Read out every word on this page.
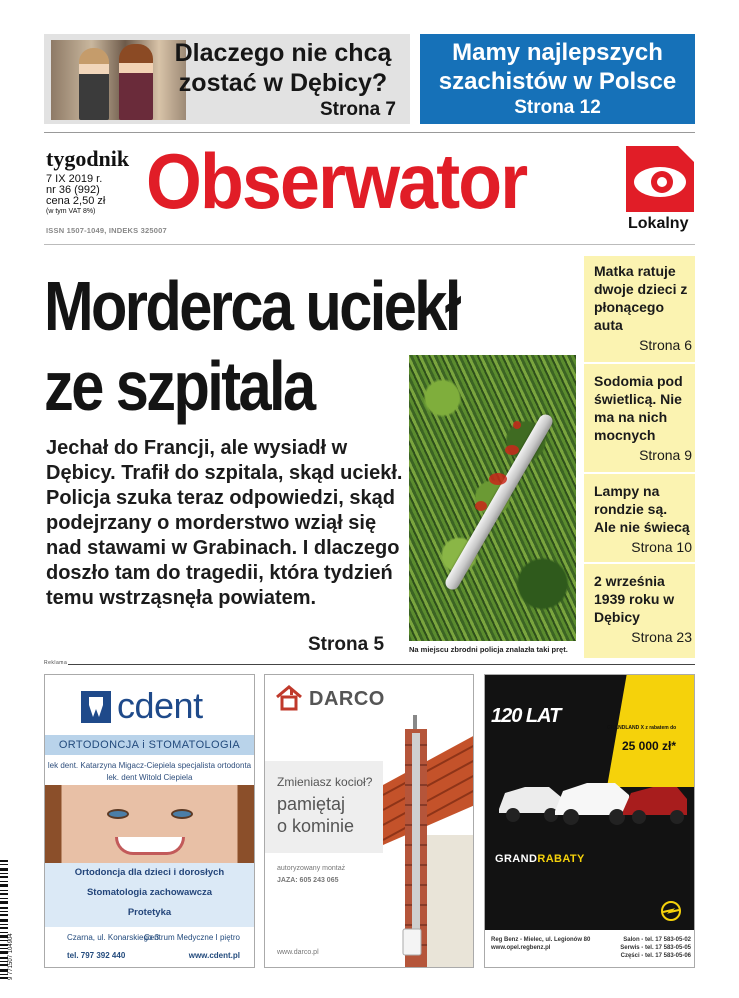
Dlaczego nie chcą zostać w Dębicy?
Strona 7
Mamy najlepszych szachistów w Polsce
Strona 12
tygodnik
7 IX 2019 r.
nr 36 (992)
cena 2,50 zł
(w tym VAT 8%)
ISSN 1507-1049, INDEKS 325007
Obserwator	Lokalny
Morderca uciekł
ze szpitala
Jechał do Francji, ale wysiadł w Dębicy. Trafił do szpitala, skąd uciekł. Policja szuka teraz odpowiedzi, skąd podejrzany o morderstwo wziął się nad stawami w Grabinach. I dlaczego doszło tam do tragedii, która tydzień temu wstrząsnęła powiatem.
Strona 5	Na miejscu zbrodni policja znalazła taki pręt.
Matka ratuje dwoje dzieci z płonącego auta
Strona 6
Sodomia pod świetlicą. Nie ma na nich mocnych
Strona 9
Lampy na rondzie są. Ale nie świecą
Strona 10
2 września 1939 roku w Dębicy
Strona 23
Reklama
cdent
ORTODONCJA i STOMATOLOGIA
lek dent. Katarzyna Migacz-Ciepiela specjalista ortodonta
lek. dent Witold Ciepiela
Ortodoncja dla dzieci i dorosłych
Stomatologia zachowawcza
Protetyka
Czarna, ul. Konarskiego 3
Centrum Medyczne I piętro
tel. 797 392 440	www.cdent.pl
DARCO
Zmieniasz kocioł?
pamiętaj
o kominie
autoryzowany montaż
JAZA: 605 243 065
www.darco.pl
120 LAT
GRANDLAND X z rabatem do
25 000 zł*
GRANDRABATY
Reg Benz - Mielec, ul. Legionów 80	Salon - tel. 17 583-05-02
www.opel.regbenz.pl	Serwis - tel. 17 583-05-05
Części - tel. 17 583-05-06
9 771507 104904
